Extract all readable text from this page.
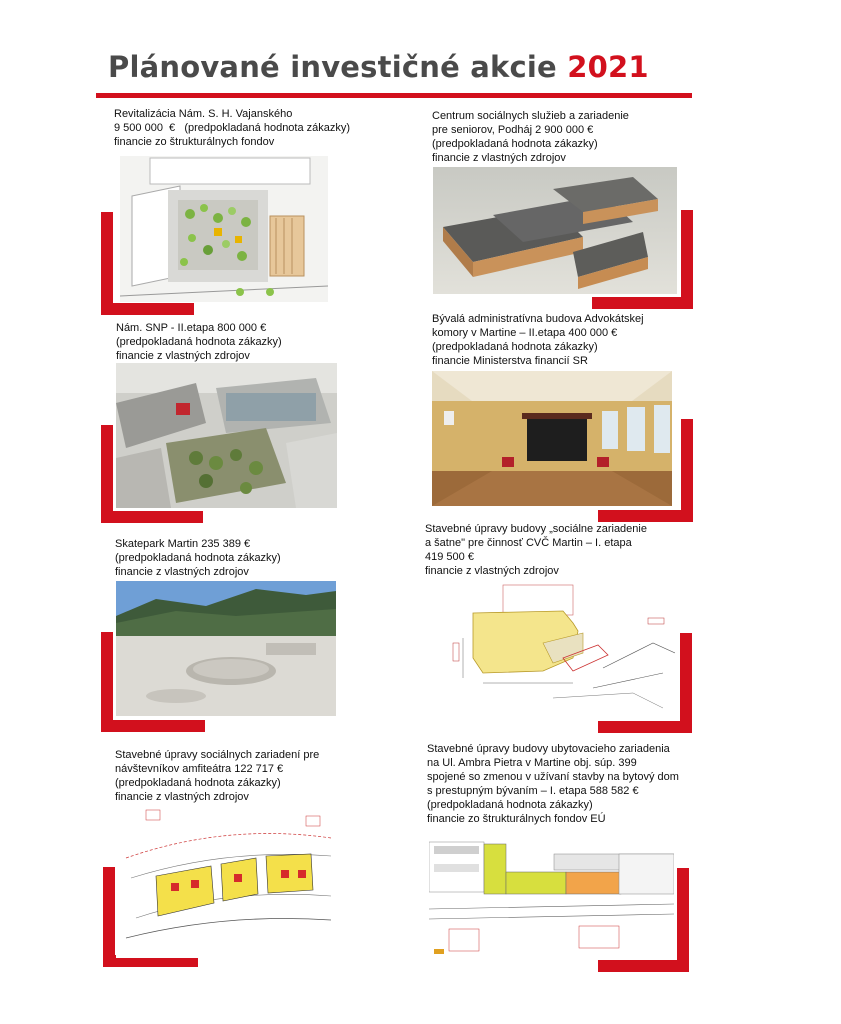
Plánované investičné akcie 2021
Revitalizácia Nám. S. H. Vajanského
9 500 000  €   (predpokladaná hodnota zákazky)
financie zo štrukturálnych fondov
Centrum sociálnych služieb a zariadenie
pre seniorov, Podháj 2 900 000 €
(predpokladaná hodnota zákazky)
financie z vlastných zdrojov
Nám. SNP - II.etapa 800 000 €
(predpokladaná hodnota zákazky)
financie z vlastných zdrojov
Bývalá administratívna budova Advokátskej
komory v Martine – II.etapa 400 000 €
(predpokladaná hodnota zákazky)
financie Ministerstva financií SR
Skatepark Martin 235 389 €
(predpokladaná hodnota zákazky)
financie z vlastných zdrojov
Stavebné úpravy budovy „sociálne zariadenie
a šatne" pre činnosť CVČ Martin – I. etapa
419 500 €
financie z vlastných zdrojov
Stavebné úpravy sociálnych zariadení pre
návštevníkov amfiteátra 122 717 €
(predpokladaná hodnota zákazky)
financie z vlastných zdrojov
Stavebné úpravy budovy ubytovacieho zariadenia
na Ul. Ambra Pietra v Martine obj. súp. 399
spojené so zmenou v užívaní stavby na bytový dom
s prestupným bývaním – I. etapa 588 582 €
(predpokladaná hodnota zákazky)
financie zo štrukturálnych fondov EÚ
